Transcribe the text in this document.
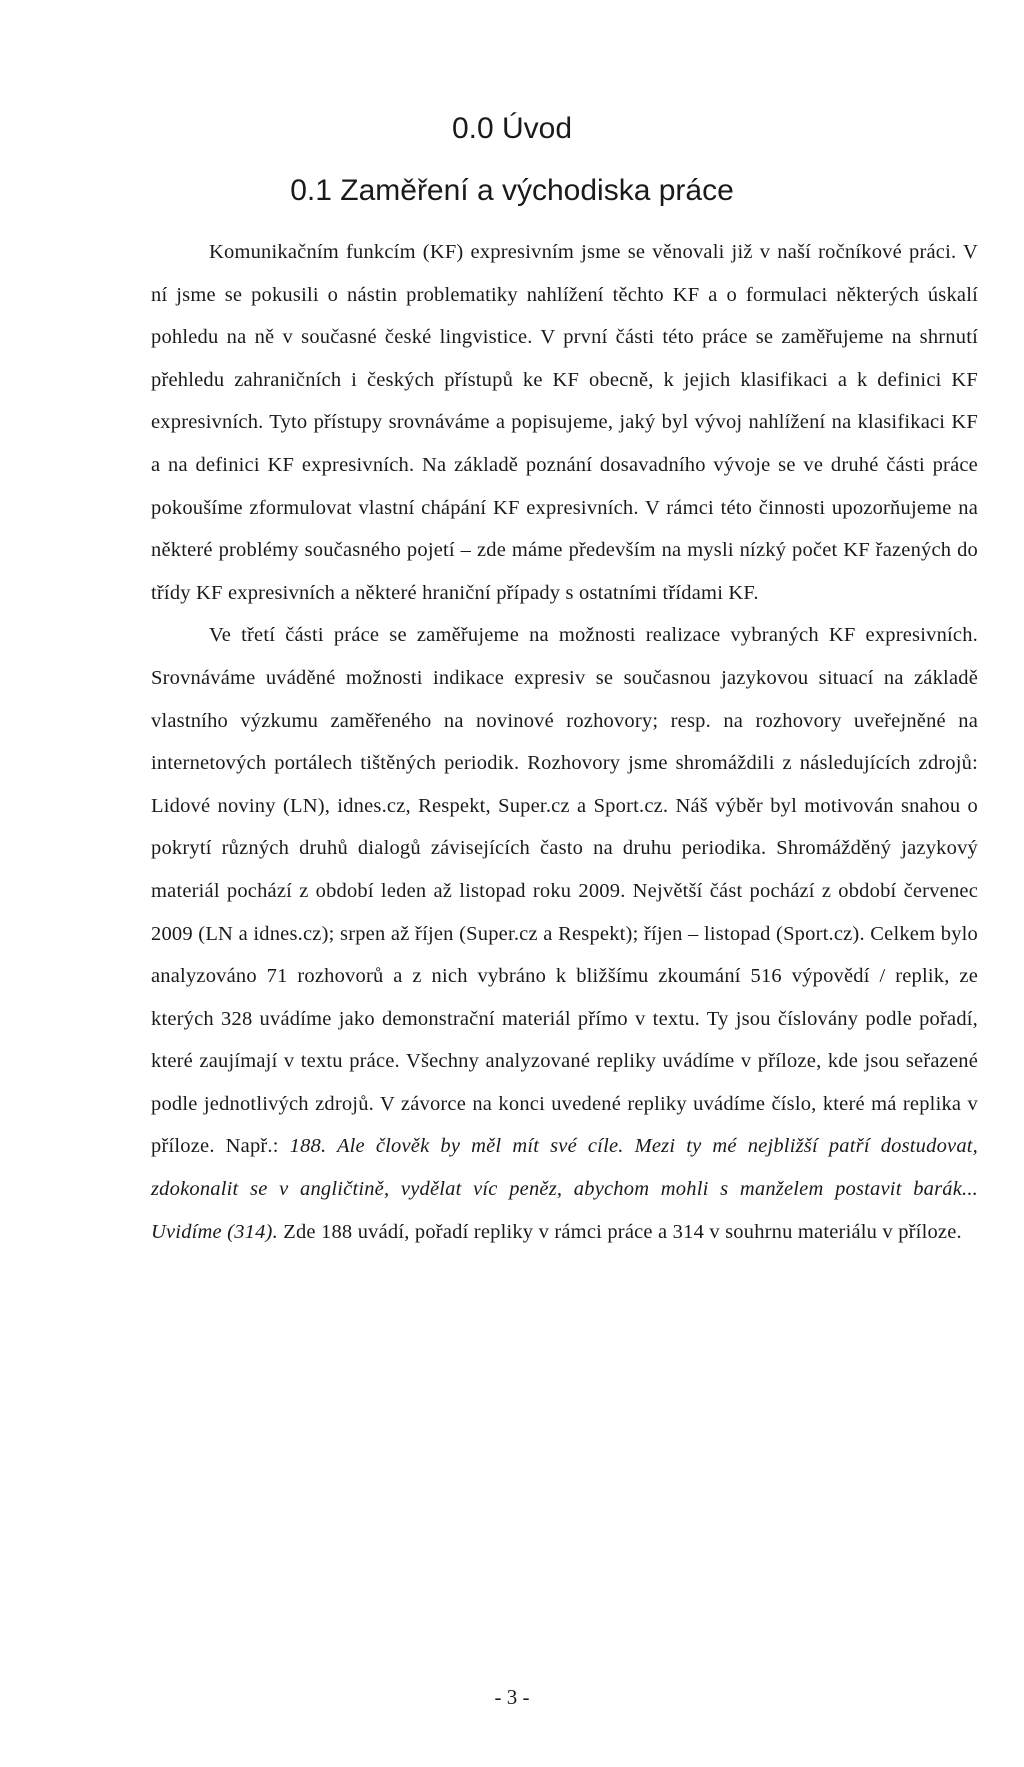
0.0 Úvod
0.1 Zaměření a východiska práce

Komunikačním funkcím (KF) expresivním jsme se věnovali již v naší ročníkové práci. V ní jsme se pokusili o nástin problematiky nahlížení těchto KF a o formulaci některých úskalí pohledu na ně v současné české lingvistice. V první části této práce se zaměřujeme na shrnutí přehledu zahraničních i českých přístupů ke KF obecně, k jejich klasifikaci a k definici KF expresivních. Tyto přístupy srovnáváme a popisujeme, jaký byl vývoj nahlížení na klasifikaci KF a na definici KF expresivních. Na základě poznání dosavadního vývoje se ve druhé části práce pokoušíme zformulovat vlastní chápání KF expresivních. V rámci této činnosti upozorňujeme na některé problémy současného pojetí – zde máme především na mysli nízký počet KF řazených do třídy KF expresivních a některé hraniční případy s ostatními třídami KF.

Ve třetí části práce se zaměřujeme na možnosti realizace vybraných KF expresivních. Srovnáváme uváděné možnosti indikace expresiv se současnou jazykovou situací na základě vlastního výzkumu zaměřeného na novinové rozhovory; resp. na rozhovory uveřejněné na internetových portálech tištěných periodik. Rozhovory jsme shromáždili z následujících zdrojů: Lidové noviny (LN), idnes.cz, Respekt, Super.cz a Sport.cz. Náš výběr byl motivován snahou o pokrytí různých druhů dialogů závisejících často na druhu periodika. Shromážděný jazykový materiál pochází z období leden až listopad roku 2009. Největší část pochází z období červenec 2009 (LN a idnes.cz); srpen až říjen (Super.cz a Respekt); říjen – listopad (Sport.cz). Celkem bylo analyzováno 71 rozhovorů a z nich vybráno k bližšímu zkoumání 516 výpovědí / replik, ze kterých 328 uvádíme jako demonstrační materiál přímo v textu. Ty jsou číslovány podle pořadí, které zaujímají v textu práce. Všechny analyzované repliky uvádíme v příloze, kde jsou seřazené podle jednotlivých zdrojů. V závorce na konci uvedené repliky uvádíme číslo, které má replika v příloze. Např.: 188. Ale člověk by měl mít své cíle. Mezi ty mé nejbližší patří dostudovat, zdokonalit se v angličtině, vydělat víc peněz, abychom mohli s manželem postavit barák... Uvidíme (314). Zde 188 uvádí, pořadí repliky v rámci práce a 314 v souhrnu materiálu v příloze.

- 3 -
